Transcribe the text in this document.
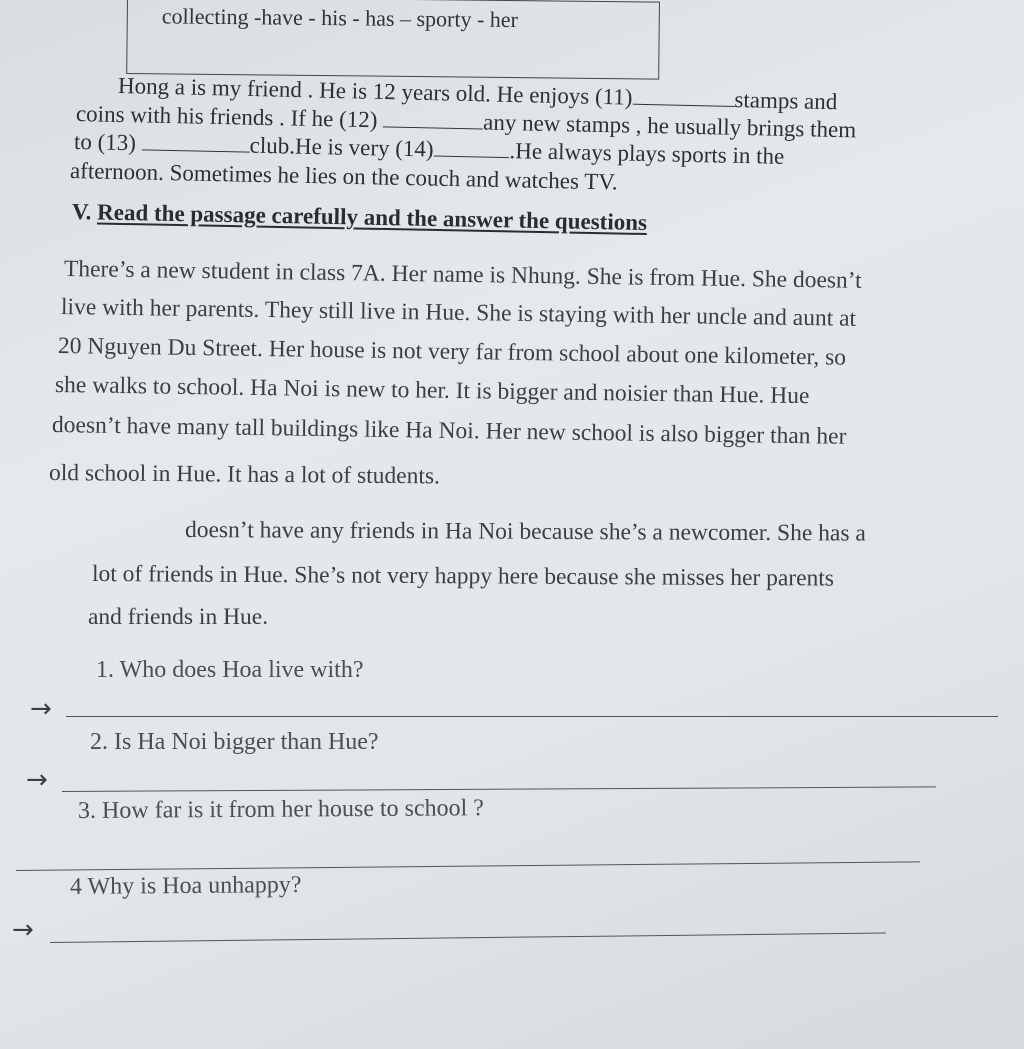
collecting -have - his - has – sporty - her
Hong a is my friend . He is 12 years old. He enjoys (11)	stamps and
coins with his friends . If he (12)	any new stamps , he usually brings them
to (13)	club.He is very (14)	.He always plays sports in the
afternoon. Sometimes he lies on the couch and watches TV.
V. Read the passage carefully and the answer the questions
There’s a new student in class 7A. Her name is Nhung. She is from Hue. She doesn’t
live with her parents. They still live in Hue. She is staying with her uncle and aunt at
20 Nguyen Du Street. Her house is not very far from school about one kilometer, so
she walks to school. Ha Noi is new to her. It is bigger and noisier than Hue. Hue
doesn’t have many tall buildings like Ha Noi. Her new school is also bigger than her
old school in Hue. It has a lot of students.
doesn’t have any friends in Ha Noi because she’s a newcomer. She has a
lot of friends in Hue. She’s not very happy here because she misses her parents
and friends in Hue.
1. Who does Hoa live with?
→
2. Is Ha Noi bigger than Hue?
→
3. How far is it from her house to school ?
4 Why is Hoa unhappy?
→
